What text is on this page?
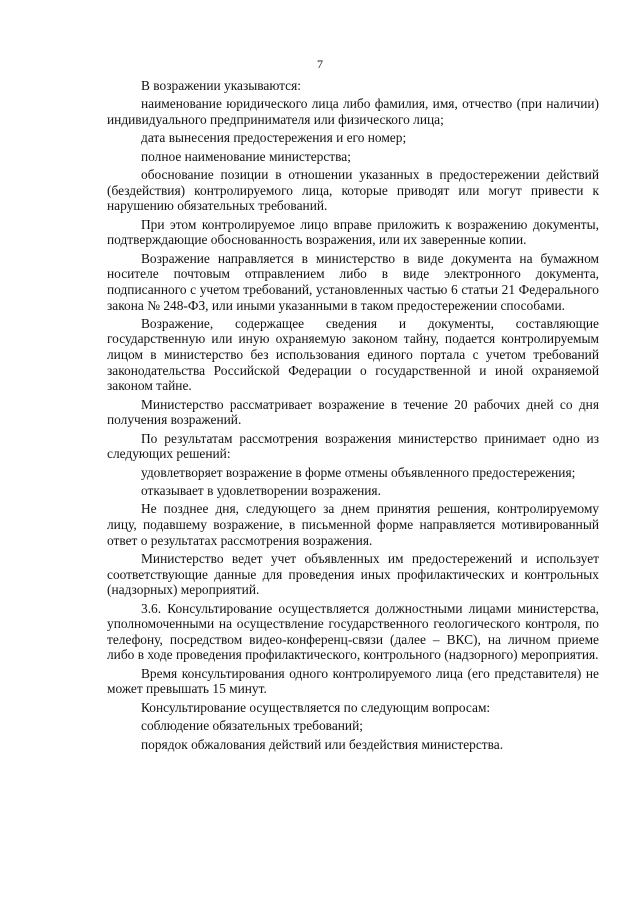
7

В возражении указываются:

наименование юридического лица либо фамилия, имя, отчество (при наличии) индивидуального предпринимателя или физического лица;

дата вынесения предостережения и его номер;

полное наименование министерства;

обоснование позиции в отношении указанных в предостережении действий (бездействия) контролируемого лица, которые приводят или могут привести к нарушению обязательных требований.

При этом контролируемое лицо вправе приложить к возражению документы, подтверждающие обоснованность возражения, или их заверенные копии.

Возражение направляется в министерство в виде документа на бумажном носителе почтовым отправлением либо в виде электронного документа, подписанного с учетом требований, установленных частью 6 статьи 21 Федерального закона № 248-ФЗ, или иными указанными в таком предостережении способами.

Возражение, содержащее сведения и документы, составляющие государственную или иную охраняемую законом тайну, подается контролируемым лицом в министерство без использования единого портала с учетом требований законодательства Российской Федерации о государственной и иной охраняемой законом тайне.

Министерство рассматривает возражение в течение 20 рабочих дней со дня получения возражений.

По результатам рассмотрения возражения министерство принимает одно из следующих решений:

удовлетворяет возражение в форме отмены объявленного предостережения;

отказывает в удовлетворении возражения.

Не позднее дня, следующего за днем принятия решения, контролируемому лицу, подавшему возражение, в письменной форме направляется мотивированный ответ о результатах рассмотрения возражения.

Министерство ведет учет объявленных им предостережений и использует соответствующие данные для проведения иных профилактических и контрольных (надзорных) мероприятий.

3.6. Консультирование осуществляется должностными лицами министерства, уполномоченными на осуществление государственного геологического контроля, по телефону, посредством видео-конференц-связи (далее – ВКС), на личном приеме либо в ходе проведения профилактического, контрольного (надзорного) мероприятия.

Время консультирования одного контролируемого лица (его представителя) не может превышать 15 минут.

Консультирование осуществляется по следующим вопросам:

соблюдение обязательных требований;

порядок обжалования действий или бездействия министерства.
